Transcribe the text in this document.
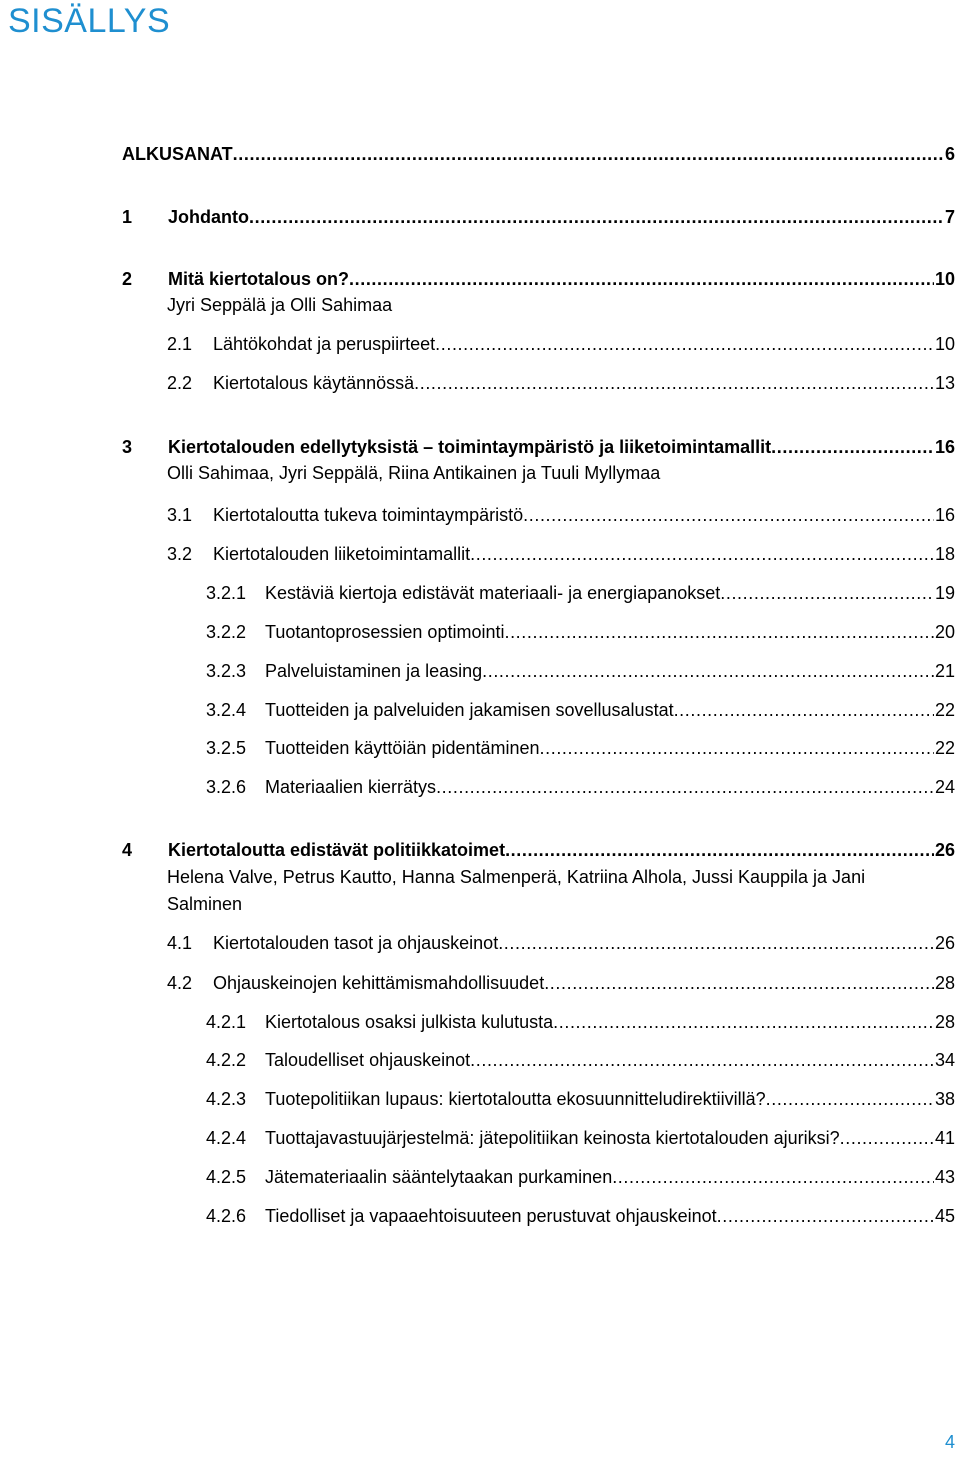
SISÄLLYS
ALKUSANAT .....	6
1	Johdanto .....	7
2	Mitä kiertotalous on? .....	10
Jyri Seppälä ja Olli Sahimaa
2.1	Lähtökohdat ja peruspiirteet .....	10
2.2	Kiertotalous käytännössä .....	13
3	Kiertotalouden edellytyksistä – toimintaympäristö ja liiketoimintamallit .....	16
Olli Sahimaa, Jyri Seppälä, Riina Antikainen ja Tuuli Myllymaa
3.1	Kiertotaloutta tukeva toimintaympäristö .....	16
3.2	Kiertotalouden liiketoimintamallit .....	18
3.2.1	Kestäviä kiertoja edistävät materiaali- ja energiapanokset .....	19
3.2.2	Tuotantoprosessien optimointi .....	20
3.2.3	Palveluistaminen ja leasing .....	21
3.2.4	Tuotteiden ja palveluiden jakamisen sovellusalustat .....	22
3.2.5	Tuotteiden käyttöiän pidentäminen .....	22
3.2.6	Materiaalien kierrätys .....	24
4	Kiertotaloutta edistävät politiikkatoimet .....	26
Helena Valve, Petrus Kautto, Hanna Salmenperä, Katriina Alhola, Jussi Kauppila ja Jani Salminen
4.1	Kiertotalouden tasot ja ohjauskeinot .....	26
4.2	Ohjauskeinojen kehittämismahdollisuudet .....	28
4.2.1	Kiertotalous osaksi julkista kulutusta .....	28
4.2.2	Taloudelliset ohjauskeinot .....	34
4.2.3	Tuotepolitiikan lupaus: kiertotaloutta ekosuunnitteludirektiivillä? .....	38
4.2.4	Tuottajavastuujärjestelmä: jätepolitiikan keinosta kiertotalouden ajuriksi? .....	41
4.2.5	Jätemateriaalin sääntelytaakan purkaminen .....	43
4.2.6	Tiedolliset ja vapaaehtoisuuteen perustuvat ohjauskeinot .....	45
4
